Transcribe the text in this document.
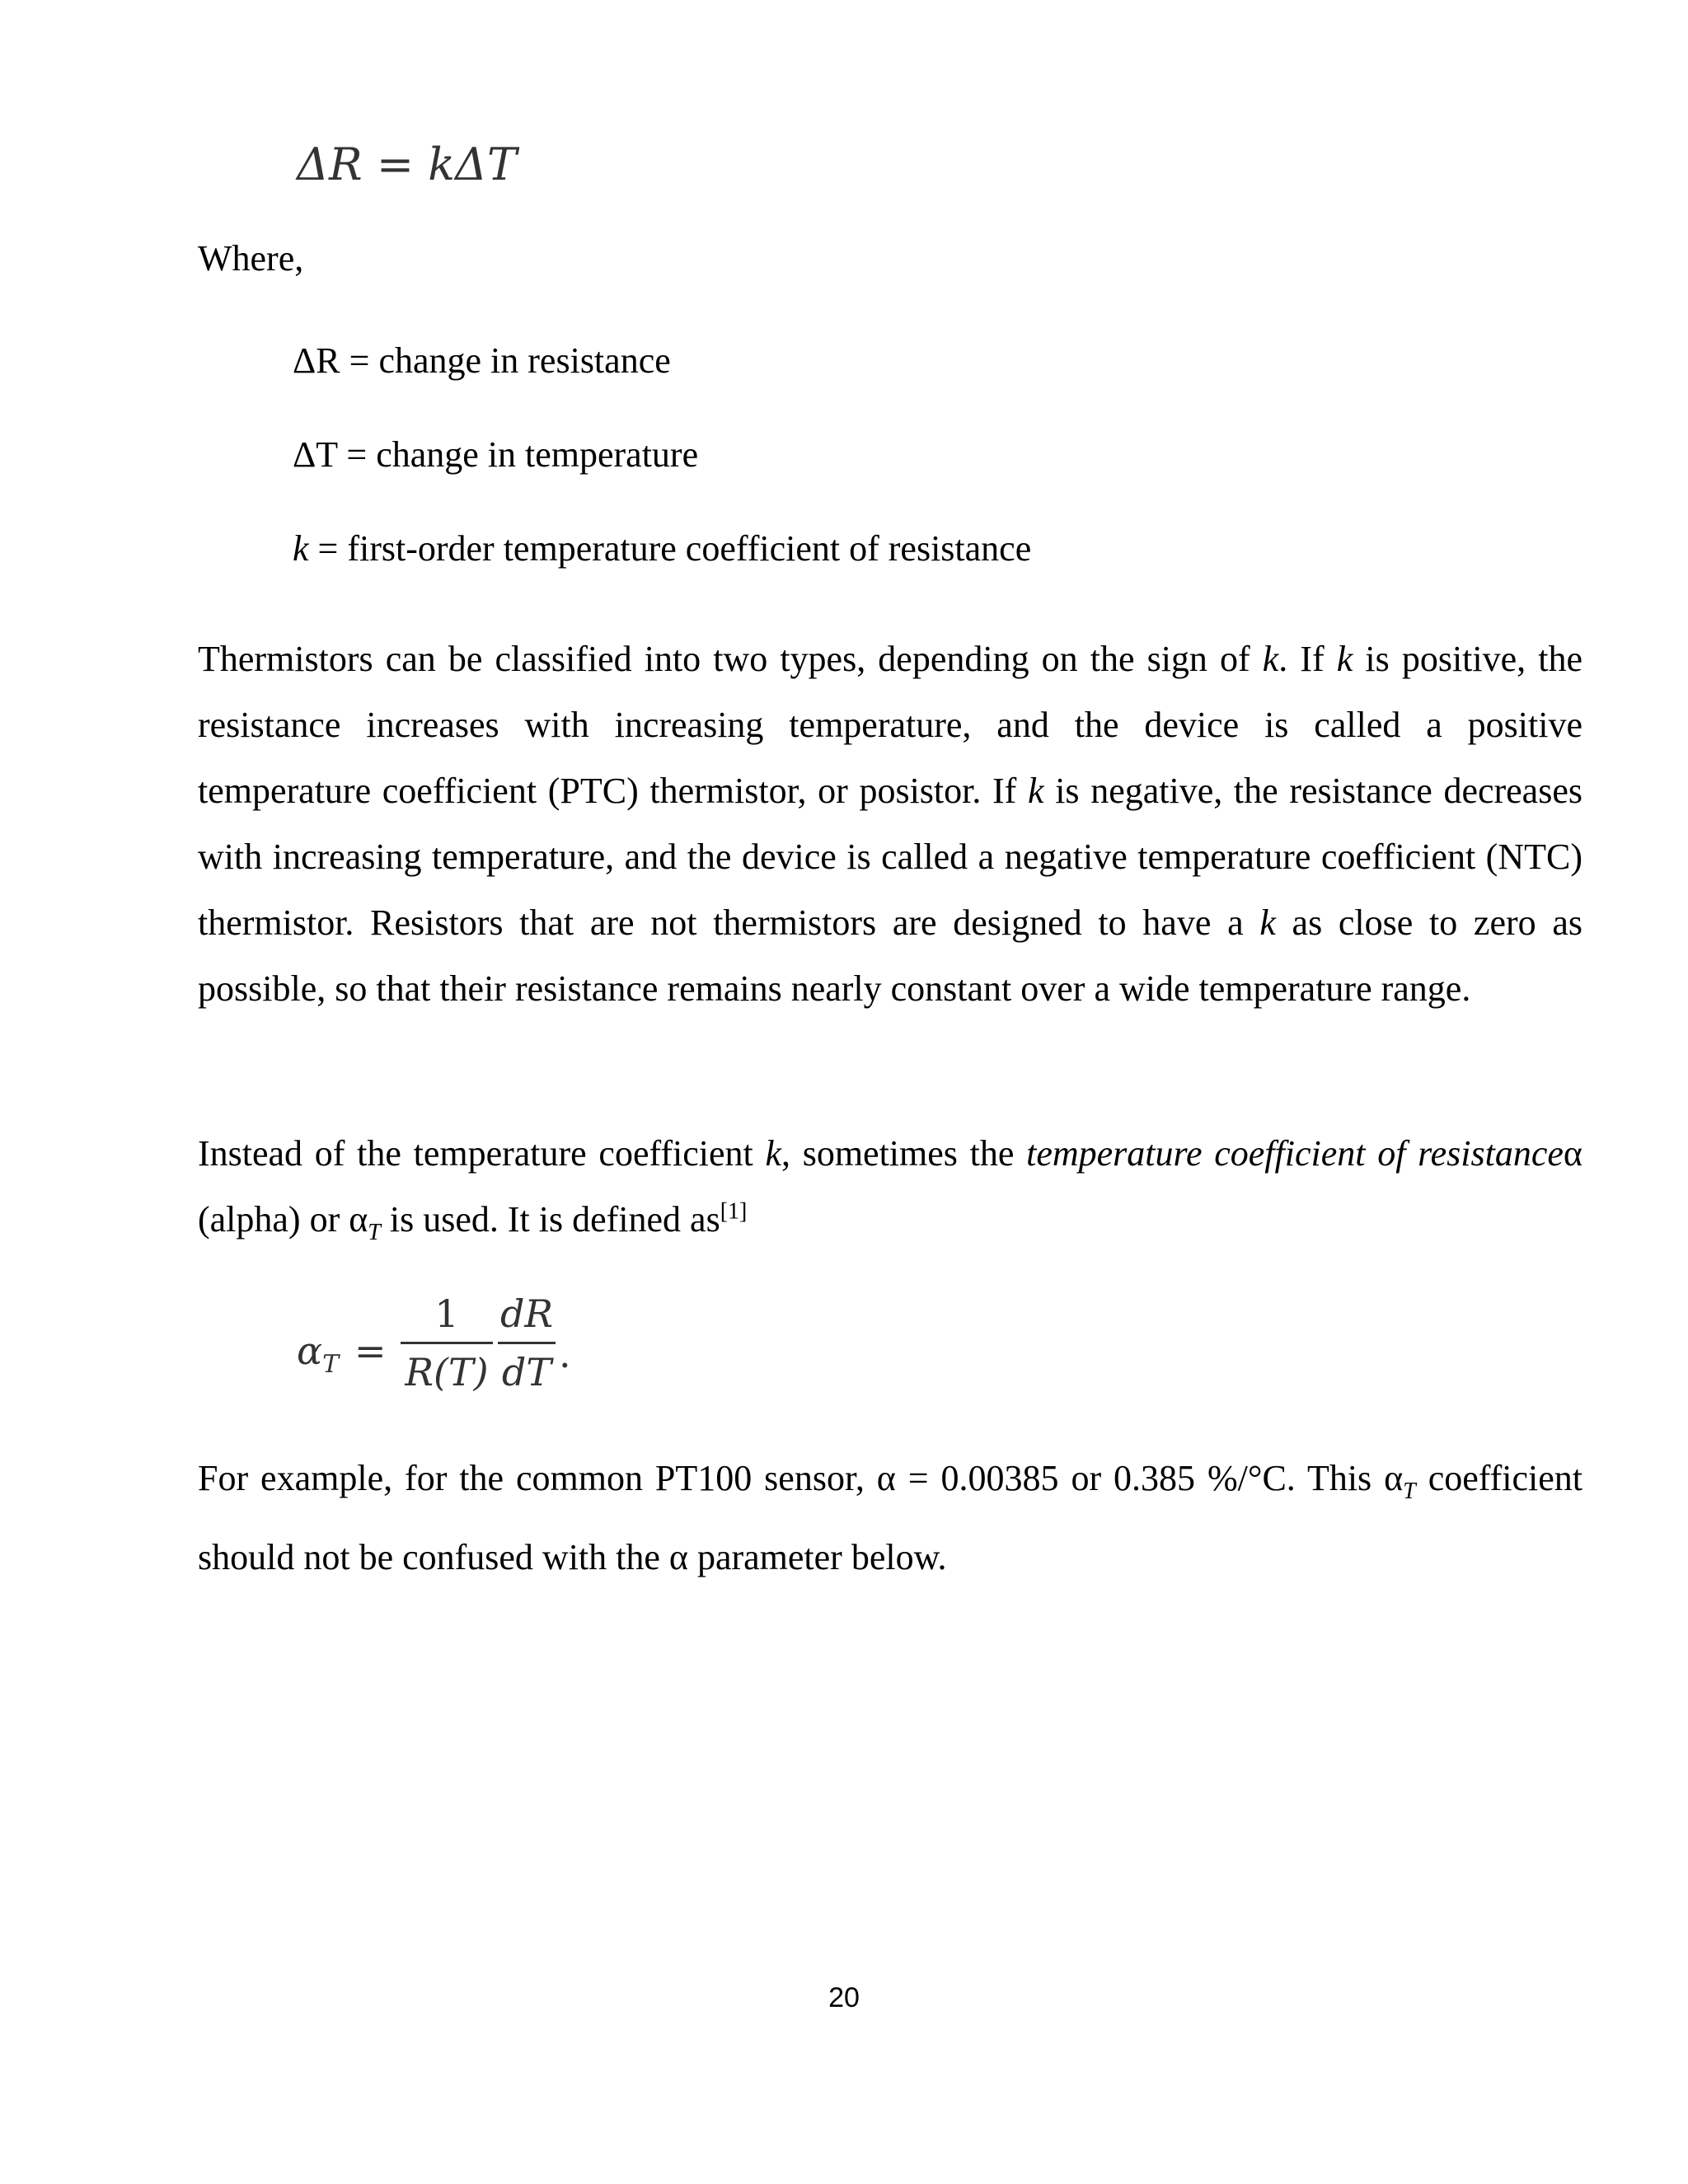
ΔR = kΔT
Where,
ΔR = change in resistance
ΔT = change in temperature
k = first-order temperature coefficient of resistance
Thermistors can be classified into two types, depending on the sign of k. If k is positive, the resistance increases with increasing temperature, and the device is called a positive temperature coefficient (PTC) thermistor, or posistor. If k is negative, the resistance decreases with increasing temperature, and the device is called a negative temperature coefficient (NTC) thermistor. Resistors that are not thermistors are designed to have a k as close to zero as possible, so that their resistance remains nearly constant over a wide temperature range.
Instead of the temperature coefficient k, sometimes the temperature coefficient of resistanceα (alpha) or $\alpha_T$ is used. It is defined as[1]
$\alpha_T$ =
1
R(T)
dR
dT .
For example, for the common PT100 sensor, α = 0.00385 or 0.385 %/°C. This $\alpha_T$ coefficient should not be confused with the α parameter below.
20
